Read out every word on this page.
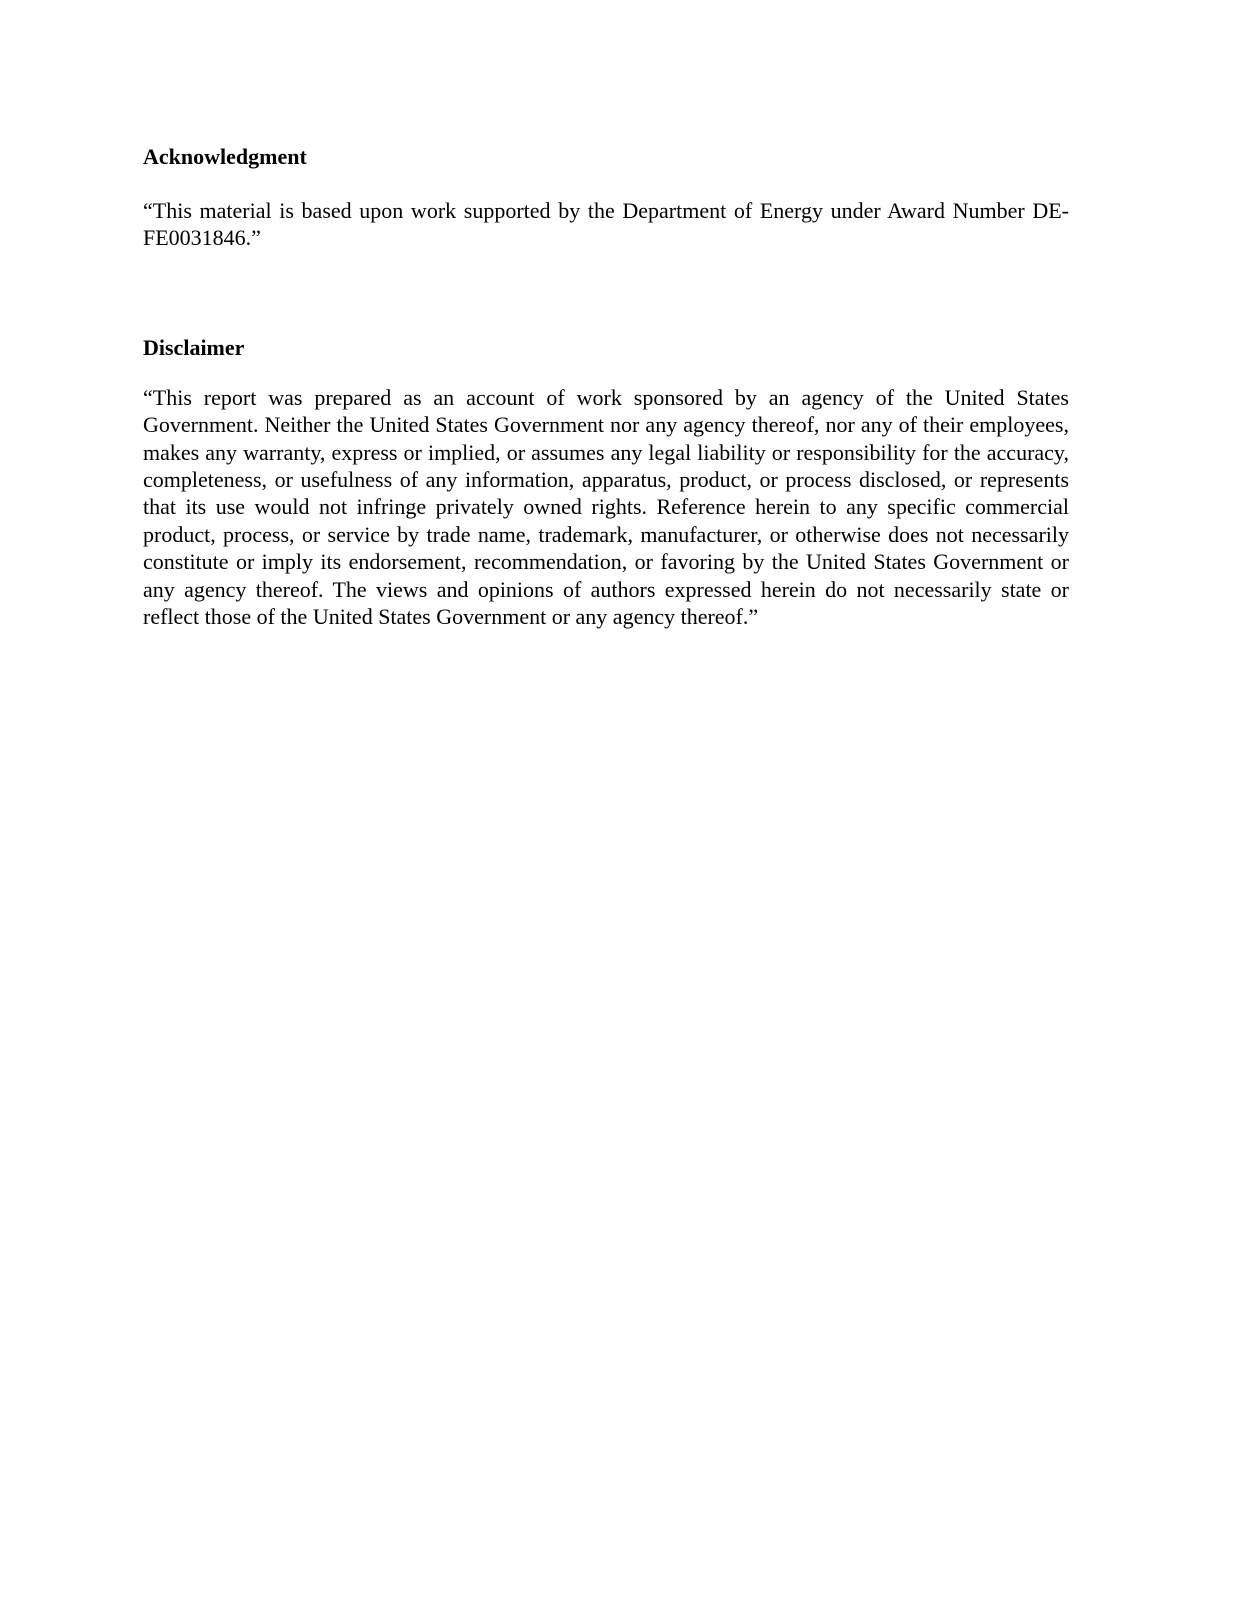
Acknowledgment

“This material is based upon work supported by the Department of Energy under Award Number DE-FE0031846.”

Disclaimer

“This report was prepared as an account of work sponsored by an agency of the United States Government. Neither the United States Government nor any agency thereof, nor any of their employees, makes any warranty, express or implied, or assumes any legal liability or responsibility for the accuracy, completeness, or usefulness of any information, apparatus, product, or process disclosed, or represents that its use would not infringe privately owned rights. Reference herein to any specific commercial product, process, or service by trade name, trademark, manufacturer, or otherwise does not necessarily constitute or imply its endorsement, recommendation, or favoring by the United States Government or any agency thereof. The views and opinions of authors expressed herein do not necessarily state or reflect those of the United States Government or any agency thereof.”
